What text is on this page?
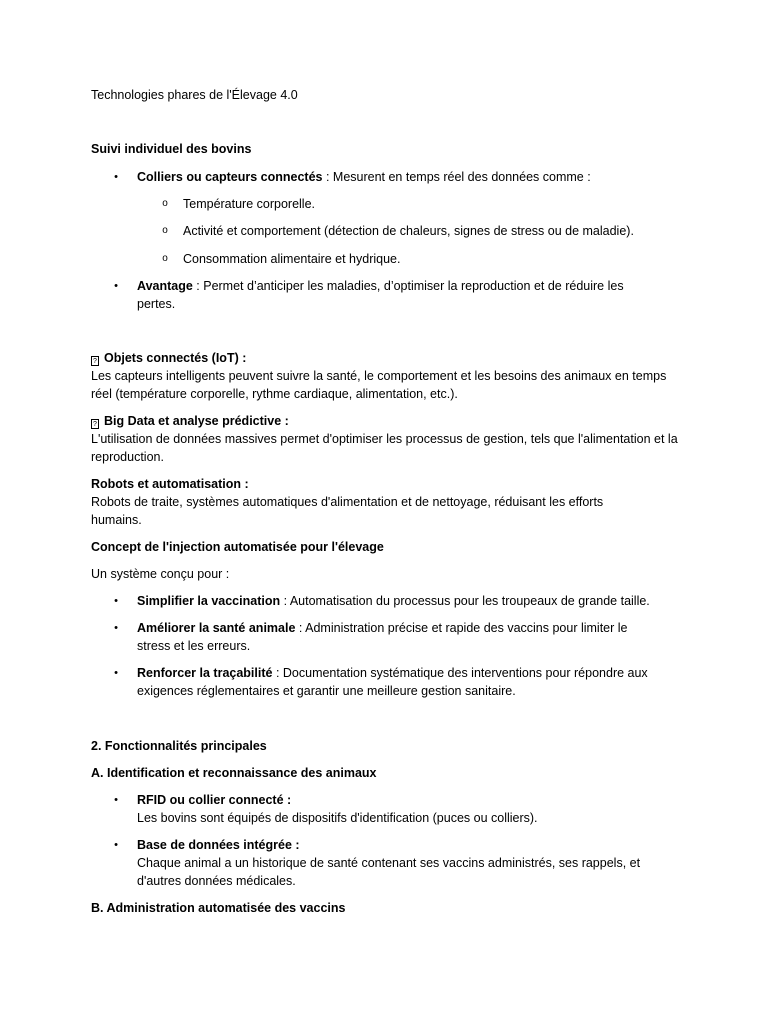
Technologies phares de l'Élevage 4.0

Suivi individuel des bovins

• Colliers ou capteurs connectés : Mesurent en temps réel des données comme :

o Température corporelle.

o Activité et comportement (détection de chaleurs, signes de stress ou de maladie).

o Consommation alimentaire et hydrique.

• Avantage : Permet d’anticiper les maladies, d’optimiser la reproduction et de réduire les pertes.

? Objets connectés (IoT) :

Les capteurs intelligents peuvent suivre la santé, le comportement et les besoins des animaux en temps réel (température corporelle, rythme cardiaque, alimentation, etc.).

? Big Data et analyse prédictive :

L'utilisation de données massives permet d'optimiser les processus de gestion, tels que l'alimentation et la reproduction.

Robots et automatisation :

Robots de traite, systèmes automatiques d'alimentation et de nettoyage, réduisant les efforts humains.

Concept de l'injection automatisée pour l'élevage

Un système conçu pour :

• Simplifier la vaccination : Automatisation du processus pour les troupeaux de grande taille.

• Améliorer la santé animale : Administration précise et rapide des vaccins pour limiter le stress et les erreurs.

• Renforcer la traçabilité : Documentation systématique des interventions pour répondre aux exigences réglementaires et garantir une meilleure gestion sanitaire.

2. Fonctionnalités principales

A. Identification et reconnaissance des animaux

• RFID ou collier connecté :
Les bovins sont équipés de dispositifs d'identification (puces ou colliers).
• Base de données intégrée :
Chaque animal a un historique de santé contenant ses vaccins administrés, ses rappels, et d'autres données médicales.

B. Administration automatisée des vaccins
